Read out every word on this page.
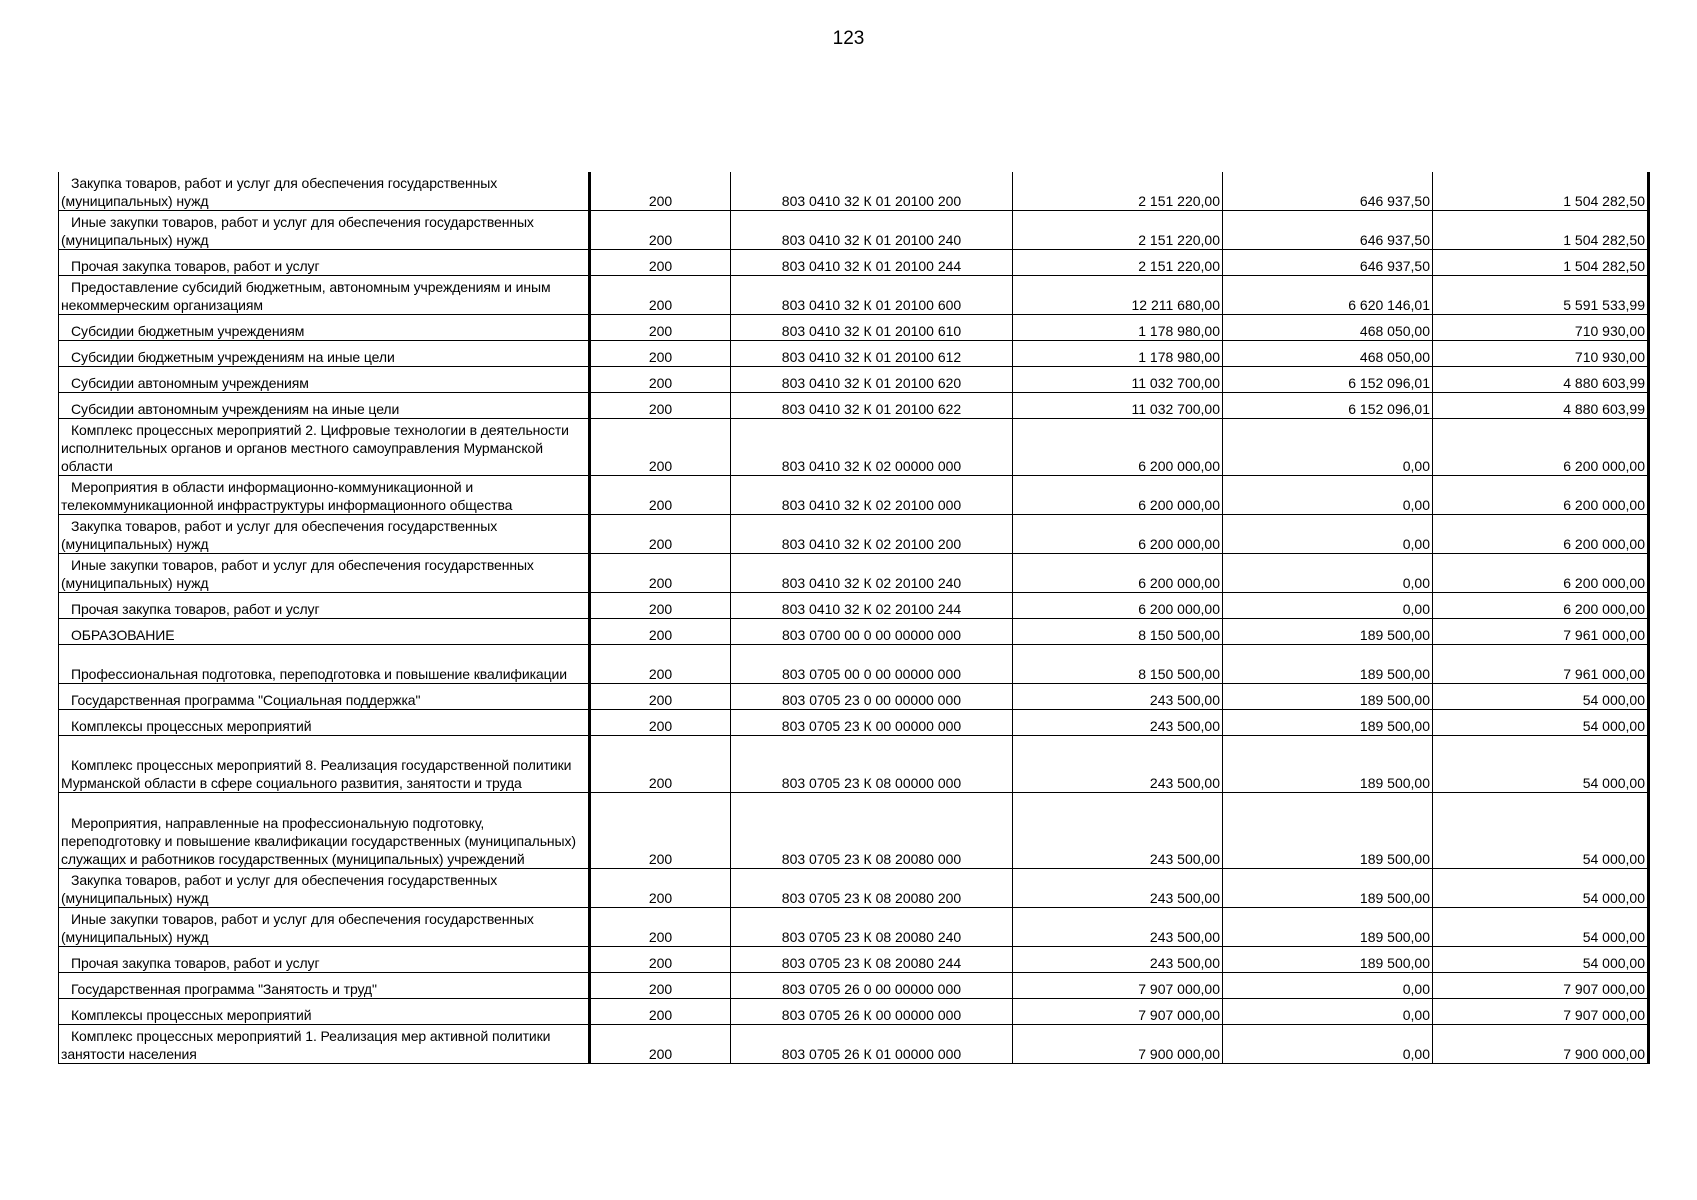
123
Закупка товаров, работ и услуг для обеспечения государственных (муниципальных) нужд	200	803 0410 32 К 01 20100 200	2 151 220,00	646 937,50	1 504 282,50
Иные закупки товаров, работ и услуг для обеспечения государственных (муниципальных) нужд	200	803 0410 32 К 01 20100 240	2 151 220,00	646 937,50	1 504 282,50
Прочая закупка товаров, работ и услуг	200	803 0410 32 К 01 20100 244	2 151 220,00	646 937,50	1 504 282,50
Предоставление субсидий бюджетным, автономным учреждениям и иным некоммерческим организациям	200	803 0410 32 К 01 20100 600	12 211 680,00	6 620 146,01	5 591 533,99
Субсидии бюджетным учреждениям	200	803 0410 32 К 01 20100 610	1 178 980,00	468 050,00	710 930,00
Субсидии бюджетным учреждениям на иные цели	200	803 0410 32 К 01 20100 612	1 178 980,00	468 050,00	710 930,00
Субсидии автономным учреждениям	200	803 0410 32 К 01 20100 620	11 032 700,00	6 152 096,01	4 880 603,99
Субсидии автономным учреждениям на иные цели	200	803 0410 32 К 01 20100 622	11 032 700,00	6 152 096,01	4 880 603,99
Комплекс процессных мероприятий 2. Цифровые технологии в деятельности исполнительных органов и органов местного самоуправления Мурманской области	200	803 0410 32 К 02 00000 000	6 200 000,00	0,00	6 200 000,00
Мероприятия в области информационно-коммуникационной и телекоммуникационной инфраструктуры информационного общества	200	803 0410 32 К 02 20100 000	6 200 000,00	0,00	6 200 000,00
Закупка товаров, работ и услуг для обеспечения государственных (муниципальных) нужд	200	803 0410 32 К 02 20100 200	6 200 000,00	0,00	6 200 000,00
Иные закупки товаров, работ и услуг для обеспечения государственных (муниципальных) нужд	200	803 0410 32 К 02 20100 240	6 200 000,00	0,00	6 200 000,00
Прочая закупка товаров, работ и услуг	200	803 0410 32 К 02 20100 244	6 200 000,00	0,00	6 200 000,00
ОБРАЗОВАНИЕ	200	803 0700 00 0 00 00000 000	8 150 500,00	189 500,00	7 961 000,00
Профессиональная подготовка, переподготовка и повышение квалификации	200	803 0705 00 0 00 00000 000	8 150 500,00	189 500,00	7 961 000,00
Государственная программа "Социальная поддержка"	200	803 0705 23 0 00 00000 000	243 500,00	189 500,00	54 000,00
Комплексы процессных мероприятий	200	803 0705 23 К 00 00000 000	243 500,00	189 500,00	54 000,00
Комплекс процессных мероприятий 8. Реализация государственной политики Мурманской области в сфере социального развития, занятости и труда	200	803 0705 23 К 08 00000 000	243 500,00	189 500,00	54 000,00
Мероприятия, направленные на профессиональную подготовку, переподготовку и повышение квалификации государственных (муниципальных) служащих и работников государственных (муниципальных) учреждений	200	803 0705 23 К 08 20080 000	243 500,00	189 500,00	54 000,00
Закупка товаров, работ и услуг для обеспечения государственных (муниципальных) нужд	200	803 0705 23 К 08 20080 200	243 500,00	189 500,00	54 000,00
Иные закупки товаров, работ и услуг для обеспечения государственных (муниципальных) нужд	200	803 0705 23 К 08 20080 240	243 500,00	189 500,00	54 000,00
Прочая закупка товаров, работ и услуг	200	803 0705 23 К 08 20080 244	243 500,00	189 500,00	54 000,00
Государственная программа "Занятость и труд"	200	803 0705 26 0 00 00000 000	7 907 000,00	0,00	7 907 000,00
Комплексы процессных мероприятий	200	803 0705 26 К 00 00000 000	7 907 000,00	0,00	7 907 000,00
Комплекс процессных мероприятий 1. Реализация мер активной политики занятости населения	200	803 0705 26 К 01 00000 000	7 900 000,00	0,00	7 900 000,00
